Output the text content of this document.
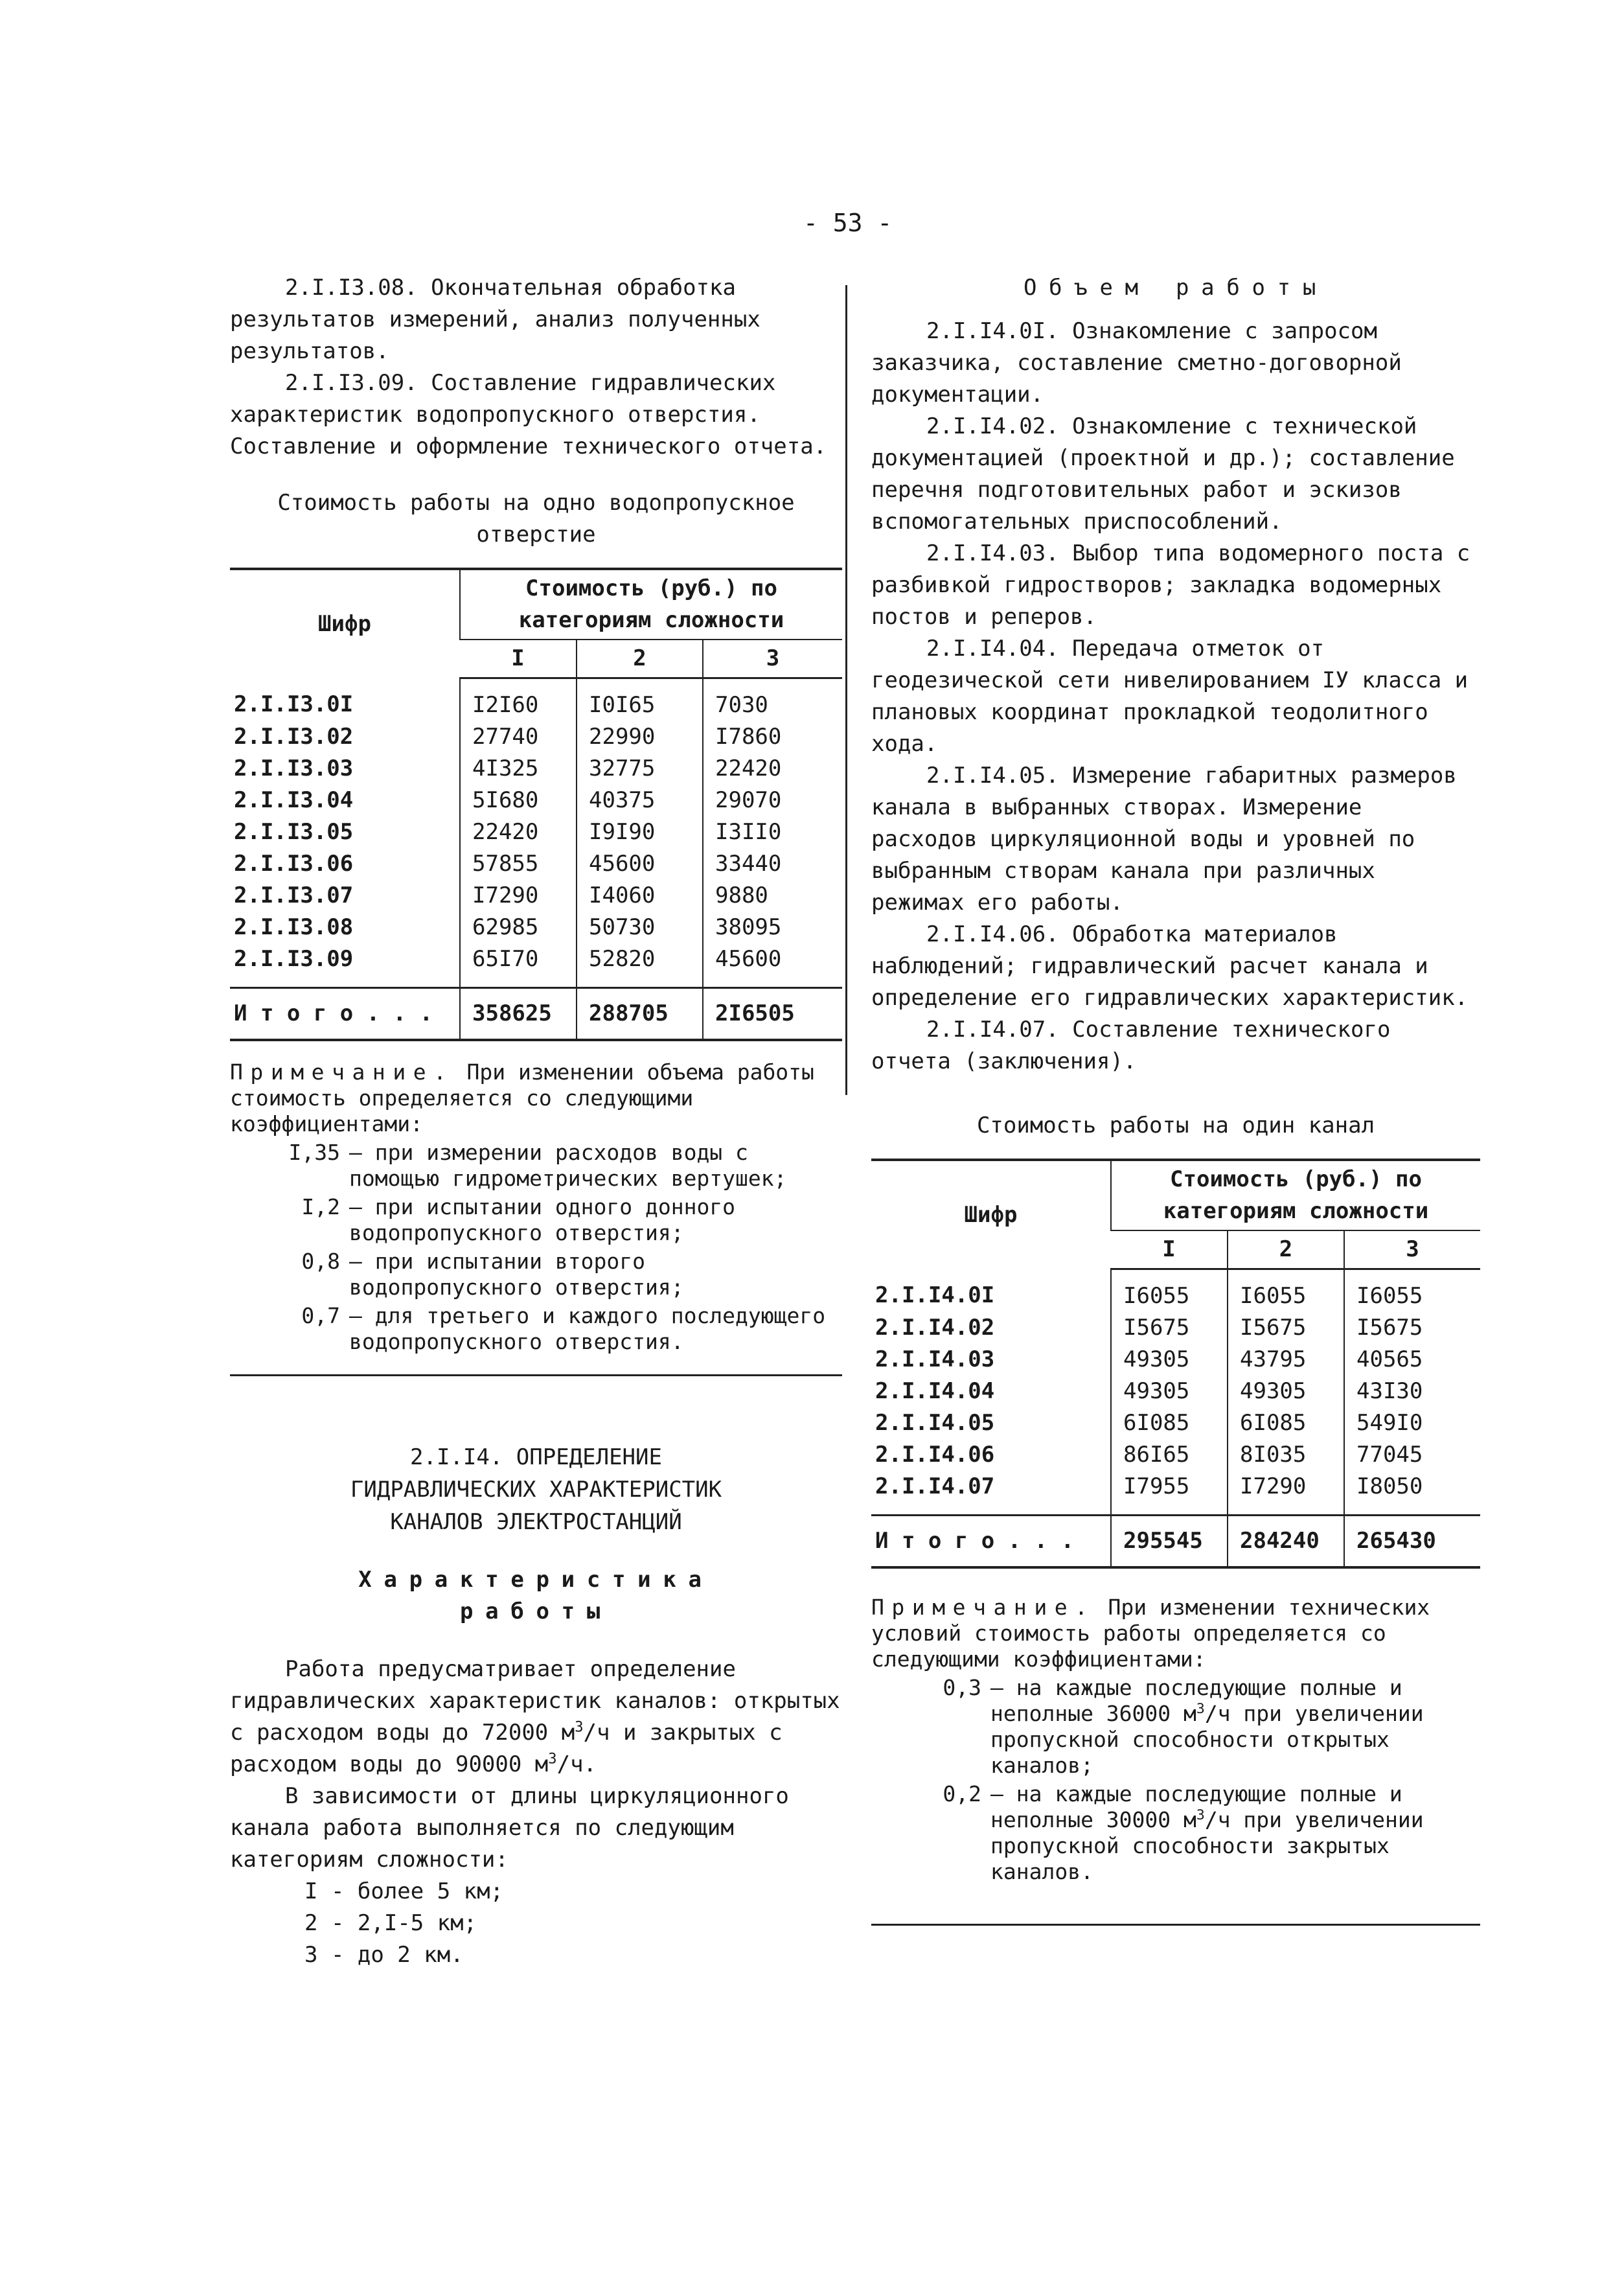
- 53 -

2.I.I3.08. Окончательная обработка результатов измерений, анализ полученных результатов.

2.I.I3.09. Составление гидравлических характеристик водопропускного отверстия. Составление и оформление технического отчета.

Стоимость работы на одно водопропускное отверстие

Шифр	Стоимость (руб.) по категориям сложности		
	I	2	3
2.I.I3.0I	I2I60	I0I65	7030
2.I.I3.02	27740	22990	I7860
2.I.I3.03	4I325	32775	22420
2.I.I3.04	5I680	40375	29070
2.I.I3.05	22420	I9I90	I3II0
2.I.I3.06	57855	45600	33440
2.I.I3.07	I7290	I4060	9880
2.I.I3.08	62985	50730	38095
2.I.I3.09	65I70	52820	45600
И т о г о . . .	358625	288705	2I6505
Примечание. При изменении объема работы стоимость определяется со следующими коэффициентами:
I,35 – при измерении расходов воды с помощью гидрометрических вертушек;
I,2 – при испытании одного донного водопропускного отверстия;
0,8 – при испытании второго водопропускного отверстия;
0,7 – для третьего и каждого последующего водопропускного отверстия.
2.I.I4. ОПРЕДЕЛЕНИЕ
ГИДРАВЛИЧЕСКИХ ХАРАКТЕРИСТИК
КАНАЛОВ ЭЛЕКТРОСТАНЦИЙ

Характеристика

работы

Работа предусматривает определение гидравлических характеристик каналов: открытых с расходом воды до 72000 $м^3/ч$ и закрытых с расходом воды до 90000 $м^3/ч$.

В зависимости от длины циркуляционного канала работа выполняется по следующим категориям сложности:

I - более 5 км;

2 - 2,I-5 км;

3 - до 2 км.

Объем работы

2.I.I4.0I. Ознакомление с запросом заказчика, составление сметно-договорной документации.

2.I.I4.02. Ознакомление с технической документацией (проектной и др.); составление перечня подготовительных работ и эскизов вспомогательных приспособлений.

2.I.I4.03. Выбор типа водомерного поста с разбивкой гидростворов; закладка водомерных постов и реперов.

2.I.I4.04. Передача отметок от геодезической сети нивелированием IУ класса и плановых координат прокладкой теодолитного хода.

2.I.I4.05. Измерение габаритных размеров канала в выбранных створах. Измерение расходов циркуляционной воды и уровней по выбранным створам канала при различных режимах его работы.

2.I.I4.06. Обработка материалов наблюдений; гидравлический расчет канала и определение его гидравлических характеристик.

2.I.I4.07. Составление технического отчета (заключения).

Стоимость работы на один канал

Шифр	Стоимость (руб.) по категориям сложности		
	I	2	3
2.I.I4.0I	I6055	I6055	I6055
2.I.I4.02	I5675	I5675	I5675
2.I.I4.03	49305	43795	40565
2.I.I4.04	49305	49305	43I30
2.I.I4.05	6I085	6I085	549I0
2.I.I4.06	86I65	8I035	77045
2.I.I4.07	I7955	I7290	I8050
И т о г о . . .	295545	284240	265430
Примечание. При изменении технических условий стоимость работы определяется со следующими коэффициентами:
0,3 – на каждые последующие полные и неполные 36000 $м^3/ч$ при увеличении пропускной способности открытых каналов;
0,2 – на каждые последующие полные и неполные 30000 $м^3/ч$ при увеличении пропускной способности закрытых каналов.
